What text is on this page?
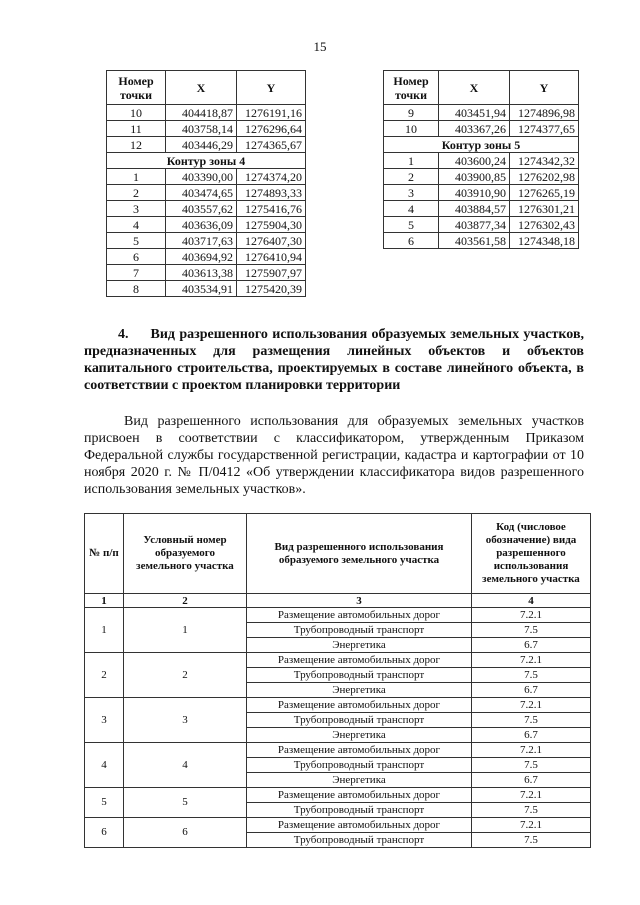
15
Номер точки	X	Y
10	404418,87	1276191,16
11	403758,14	1276296,64
12	403446,29	1274365,67
Контур зоны 4		
1	403390,00	1274374,20
2	403474,65	1274893,33
3	403557,62	1275416,76
4	403636,09	1275904,30
5	403717,63	1276407,30
6	403694,92	1276410,94
7	403613,38	1275907,97
8	403534,91	1275420,39
Номер точки	X	Y
9	403451,94	1274896,98
10	403367,26	1274377,65
Контур зоны 5		
1	403600,24	1274342,32
2	403900,85	1276202,98
3	403910,90	1276265,19
4	403884,57	1276301,21
5	403877,34	1276302,43
6	403561,58	1274348,18
4. Вид разрешенного использования образуемых земельных участков, предназначенных для размещения линейных объектов и объектов капитального строительства, проектируемых в составе линейного объекта, в соответствии с проектом планировки территории
Вид разрешенного использования для образуемых земельных участков присвоен в соответствии с классификатором, утвержденным Приказом Федеральной службы государственной регистрации, кадастра и картографии от 10 ноября 2020 г. № П/0412 «Об утверждении классификатора видов разрешенного использования земельных участков».
№ п/п	Условный номер образуемого земельного участка	Вид разрешенного использования образуемого земельного участка	Код (числовое обозначение) вида разрешенного использования земельного участка
1	2	3	4
1	1	Размещение автомобильных дорог	7.2.1
		Трубопроводный транспорт	7.5
		Энергетика	6.7
2	2	Размещение автомобильных дорог	7.2.1
		Трубопроводный транспорт	7.5
		Энергетика	6.7
3	3	Размещение автомобильных дорог	7.2.1
		Трубопроводный транспорт	7.5
		Энергетика	6.7
4	4	Размещение автомобильных дорог	7.2.1
		Трубопроводный транспорт	7.5
		Энергетика	6.7
5	5	Размещение автомобильных дорог	7.2.1
		Трубопроводный транспорт	7.5
6	6	Размещение автомобильных дорог	7.2.1
		Трубопроводный транспорт	7.5
